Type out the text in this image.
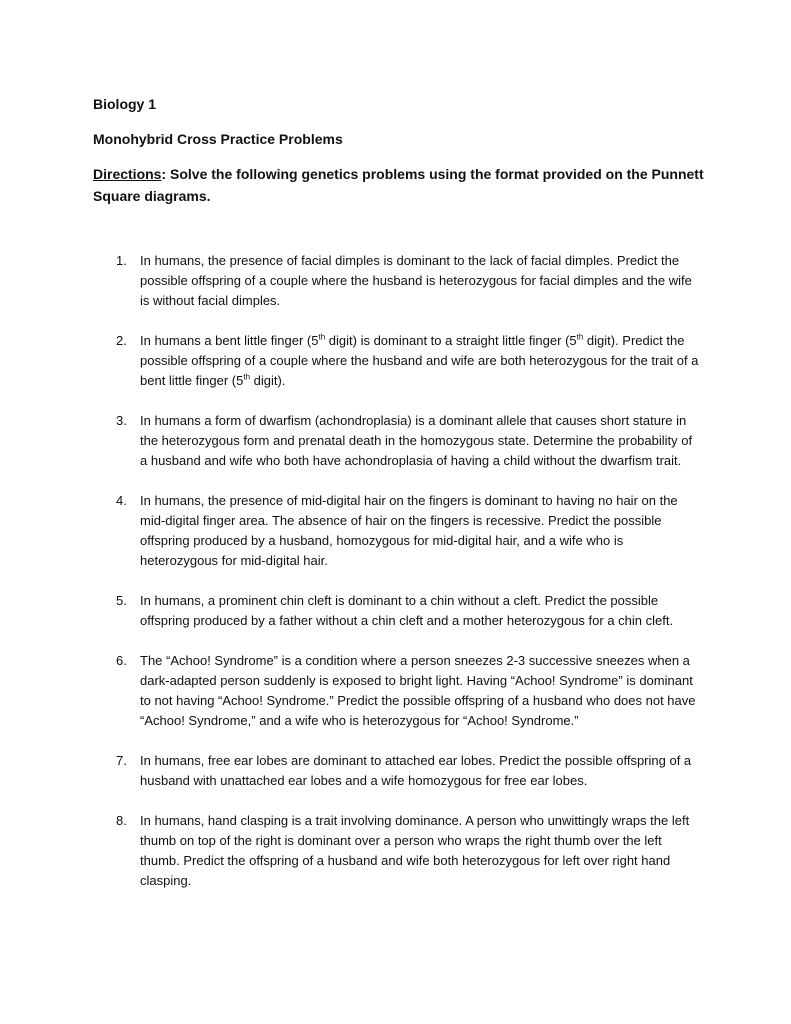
Biology 1

Monohybrid Cross Practice Problems

Directions: Solve the following genetics problems using the format provided on the Punnett Square diagrams.

1.	In humans, the presence of facial dimples is dominant to the lack of facial dimples. Predict the possible offspring of a couple where the husband is heterozygous for facial dimples and the wife is without facial dimples.
2.	In humans a bent little finger (5th digit) is dominant to a straight little finger (5th digit). Predict the possible offspring of a couple where the husband and wife are both heterozygous for the trait of a bent little finger (5th digit).
3.	In humans a form of dwarfism (achondroplasia) is a dominant allele that causes short stature in the heterozygous form and prenatal death in the homozygous state. Determine the probability of a husband and wife who both have achondroplasia of having a child without the dwarfism trait.
4.	In humans, the presence of mid-digital hair on the fingers is dominant to having no hair on the mid-digital finger area. The absence of hair on the fingers is recessive. Predict the possible offspring produced by a husband, homozygous for mid-digital hair, and a wife who is heterozygous for mid-digital hair.
5.	In humans, a prominent chin cleft is dominant to a chin without a cleft. Predict the possible offspring produced by a father without a chin cleft and a mother heterozygous for a chin cleft.
6.	The “Achoo! Syndrome” is a condition where a person sneezes 2-3 successive sneezes when a dark-adapted person suddenly is exposed to bright light. Having “Achoo! Syndrome” is dominant to not having “Achoo! Syndrome.” Predict the possible offspring of a husband who does not have “Achoo! Syndrome,” and a wife who is heterozygous for “Achoo! Syndrome.”
7.	In humans, free ear lobes are dominant to attached ear lobes. Predict the possible offspring of a husband with unattached ear lobes and a wife homozygous for free ear lobes.
8.	In humans, hand clasping is a trait involving dominance. A person who unwittingly wraps the left thumb on top of the right is dominant over a person who wraps the right thumb over the left thumb. Predict the offspring of a husband and wife both heterozygous for left over right hand clasping.
